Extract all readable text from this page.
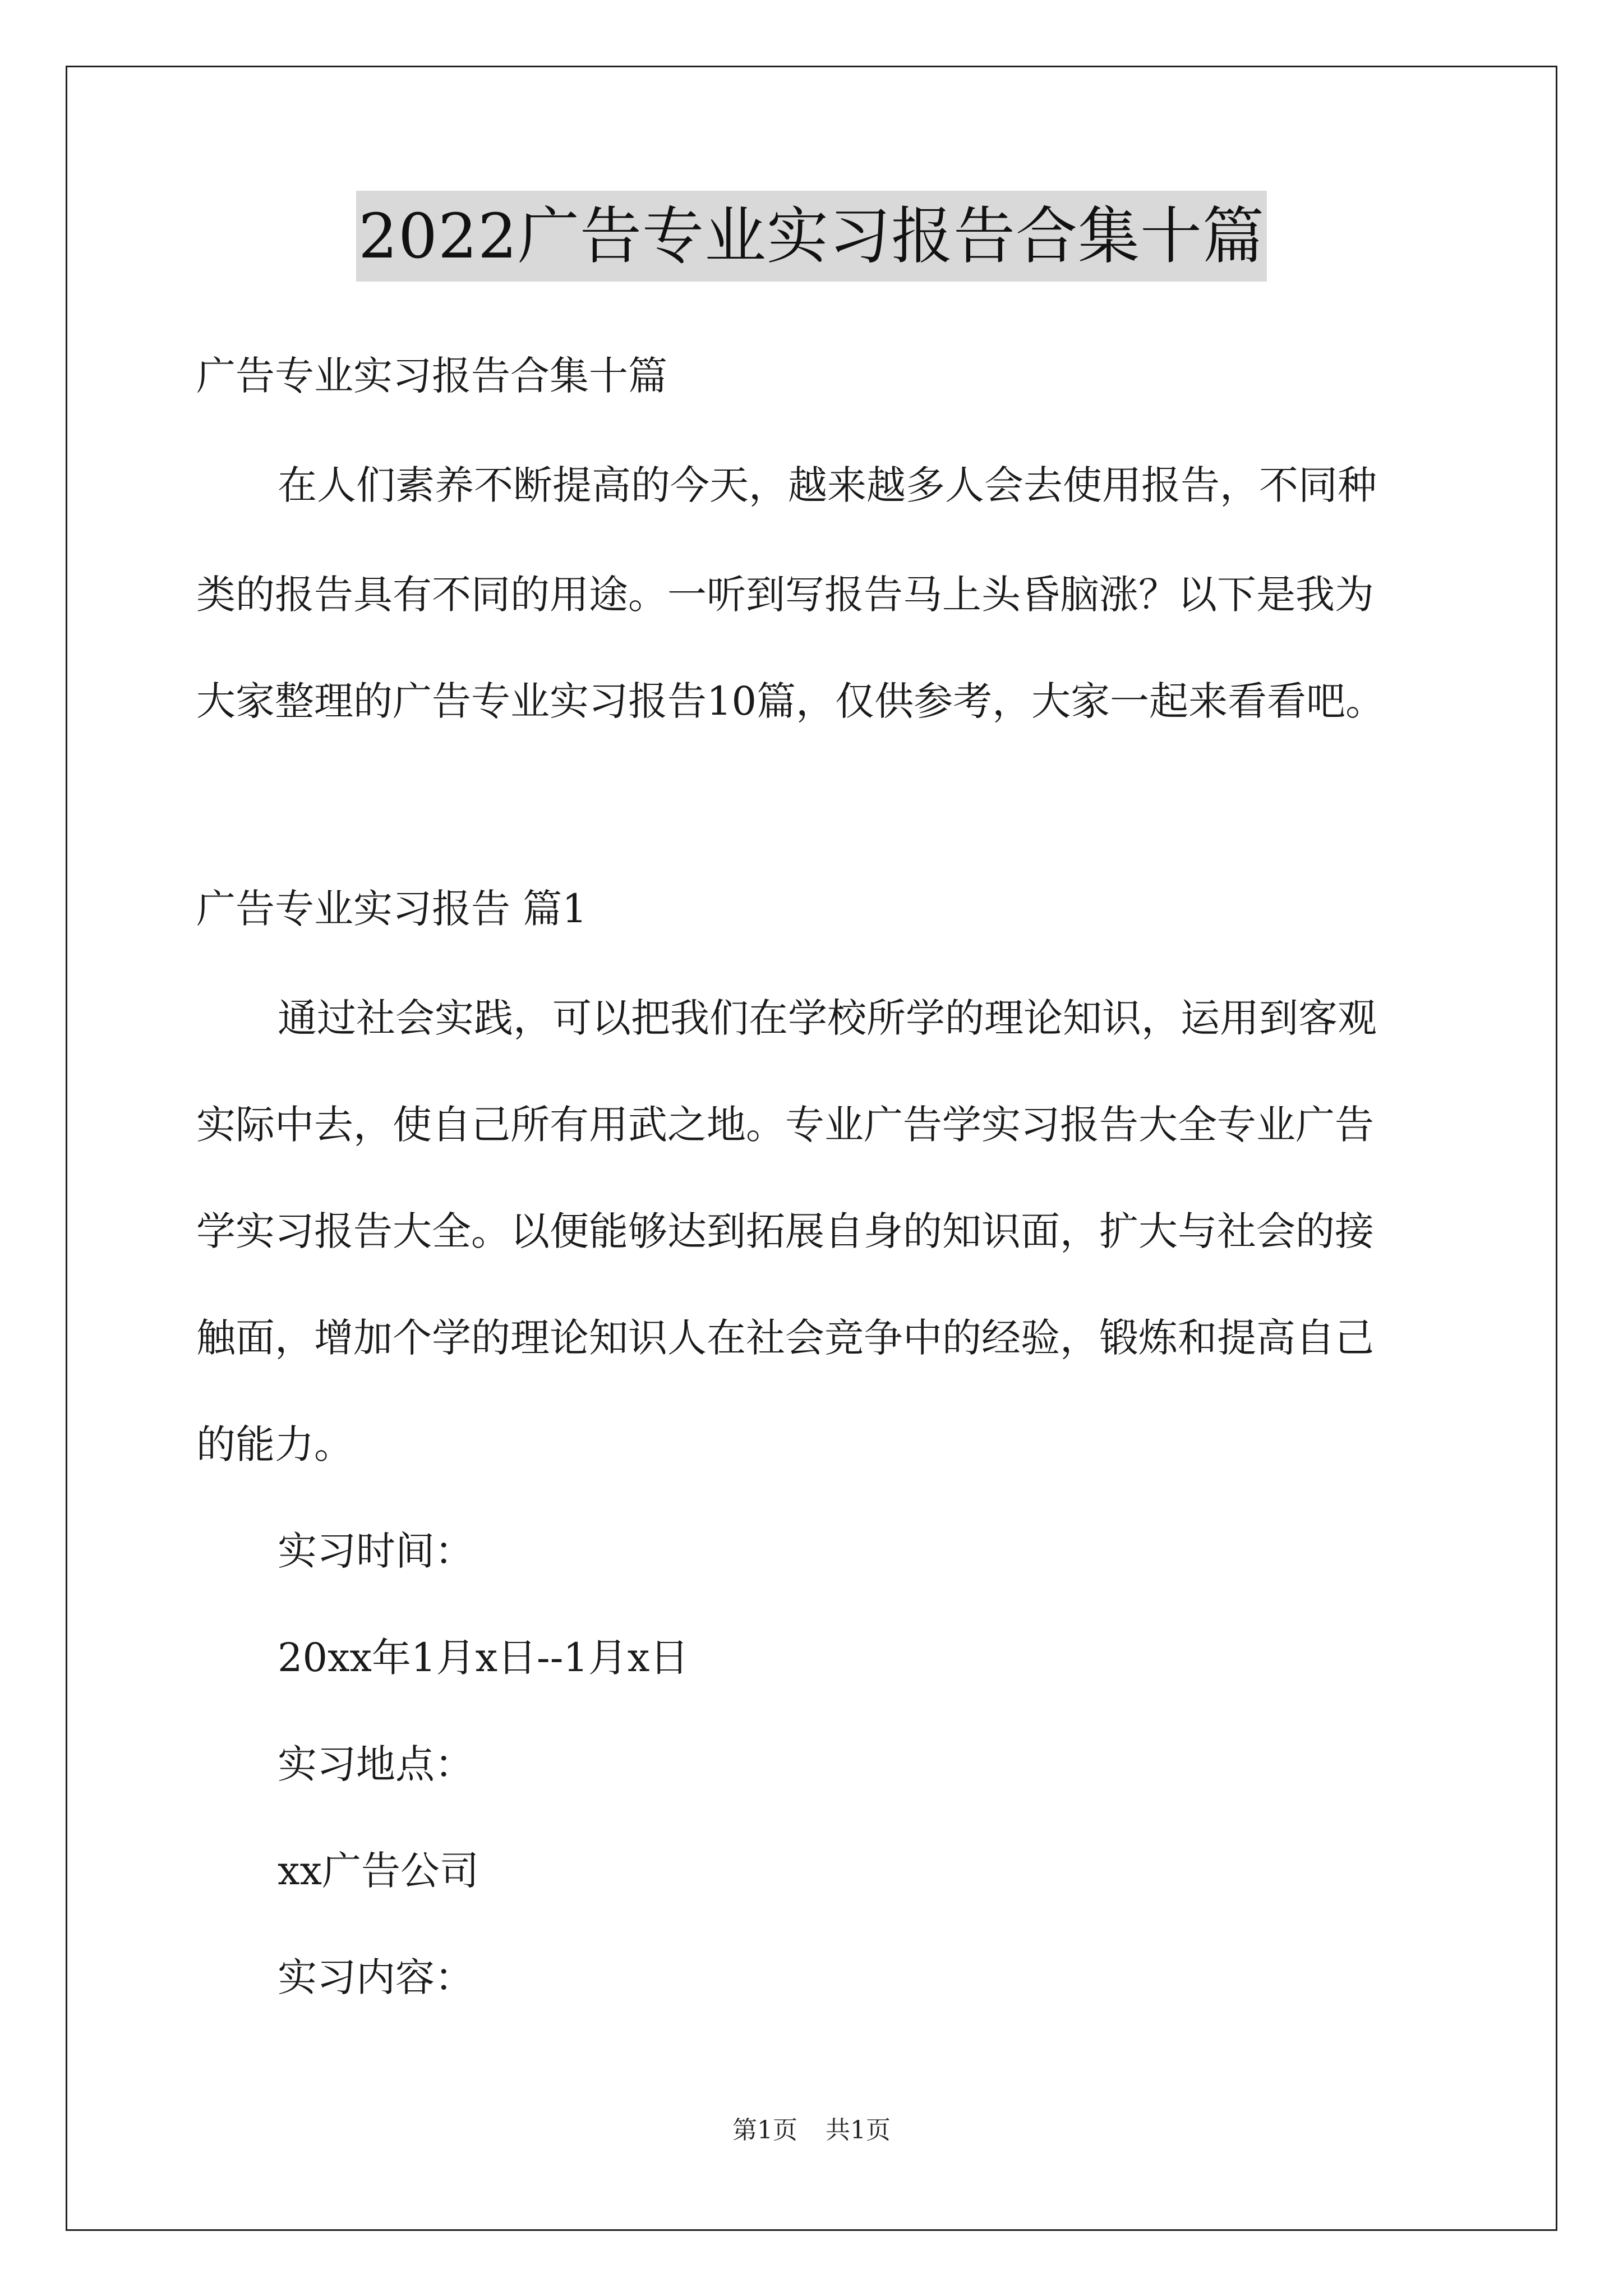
2022广告专业实习报告合集十篇
广告专业实习报告合集十篇
在人们素养不断提高的今天，越来越多人会去使用报告，不同种
类的报告具有不同的用途。一听到写报告马上头昏脑涨？以下是我为
大家整理的广告专业实习报告10篇，仅供参考，大家一起来看看吧。
广告专业实习报告 篇1
通过社会实践，可以把我们在学校所学的理论知识，运用到客观
实际中去，使自己所有用武之地。专业广告学实习报告大全专业广告
学实习报告大全。以便能够达到拓展自身的知识面，扩大与社会的接
触面，增加个学的理论知识人在社会竞争中的经验，锻炼和提高自己
的能力。
实习时间：
20xx年1月x日--1月x日
实习地点：
xx广告公司
实习内容：
第1页 共1页
